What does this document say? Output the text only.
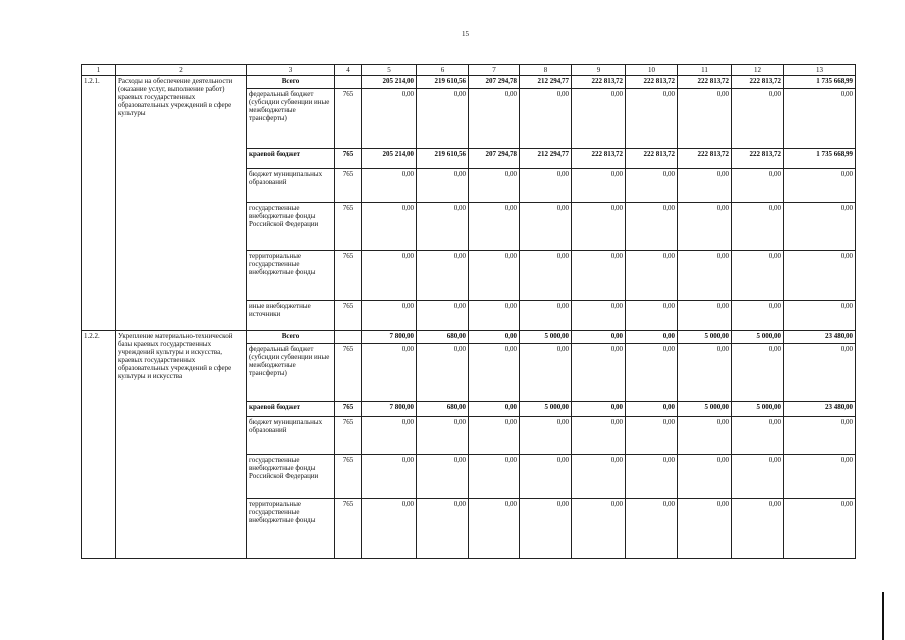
15
1	2	3	4	5	6	7	8	9	10	11	12	13
1.2.1.	Расходы на обеспечение деятельности (оказание услуг, выполнение работ) краевых государственных образовательных учреждений в сфере культуры	Всего		205 214,00	219 610,56	207 294,78	212 294,77	222 813,72	222 813,72	222 813,72	222 813,72	1 735 668,99
		федеральный бюджет (субсидии субвенции иные межбюджетные трансферты)	765	0,00	0,00	0,00	0,00	0,00	0,00	0,00	0,00	0,00
		краевой бюджет	765	205 214,00	219 610,56	207 294,78	212 294,77	222 813,72	222 813,72	222 813,72	222 813,72	1 735 668,99
		бюджет муниципальных образований	765	0,00	0,00	0,00	0,00	0,00	0,00	0,00	0,00	0,00
		государственные внебюджетные фонды Российской Федерации	765	0,00	0,00	0,00	0,00	0,00	0,00	0,00	0,00	0,00
		территориальные государственные внебюджетные фонды	765	0,00	0,00	0,00	0,00	0,00	0,00	0,00	0,00	0,00
		иные внебюджетные источники	765	0,00	0,00	0,00	0,00	0,00	0,00	0,00	0,00	0,00
1.2.2.	Укрепление материально-технической базы краевых государственных учреждений культуры и искусства, краевых государственных образовательных учреждений в сфере культуры и искусства	Всего		7 800,00	680,00	0,00	5 000,00	0,00	0,00	5 000,00	5 000,00	23 480,00
		федеральный бюджет (субсидии субвенции иные межбюджетные трансферты)	765	0,00	0,00	0,00	0,00	0,00	0,00	0,00	0,00	0,00
		краевой бюджет	765	7 800,00	680,00	0,00	5 000,00	0,00	0,00	5 000,00	5 000,00	23 480,00
		бюджет муниципальных образований	765	0,00	0,00	0,00	0,00	0,00	0,00	0,00	0,00	0,00
		государственные внебюджетные фонды Российской Федерации	765	0,00	0,00	0,00	0,00	0,00	0,00	0,00	0,00	0,00
		территориальные государственные внебюджетные фонды	765	0,00	0,00	0,00	0,00	0,00	0,00	0,00	0,00	0,00
